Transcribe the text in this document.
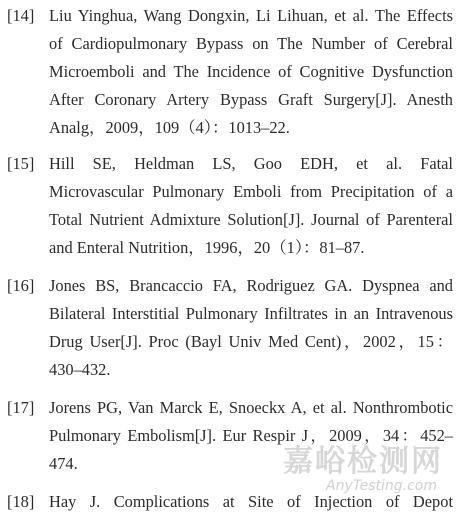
[14] Liu Yinghua, Wang Dongxin, Li Lihuan, et al. The Effects
of Cardiopulmonary Bypass on The Number of Cerebral
Microemboli and The Incidence of Cognitive Dysfunction
After Coronary Artery Bypass Graft Surgery[J]. Anesth
Analg，2009，109（4）：1013–22.
[15] Hill SE, Heldman LS, Goo EDH, et al. Fatal
Microvascular Pulmonary Emboli from Precipitation of a
Total Nutrient Admixture Solution[J]. Journal of Parenteral
and Enteral Nutrition，1996，20（1）：81–87.
[16] Jones BS, Brancaccio FA, Rodriguez GA. Dyspnea and
Bilateral Interstitial Pulmonary Infiltrates in an Intravenous
Drug User[J]. Proc (Bayl Univ Med Cent)，2002，15：
430–432.
[17] Jorens PG, Van Marck E, Snoeckx A, et al. Nonthrombotic
Pulmonary Embolism[J]. Eur Respir J，2009，34：452–
474.
[18] Hay J. Complications at Site of Injection of Depot
嘉峪检测网
AnyTesting.com
